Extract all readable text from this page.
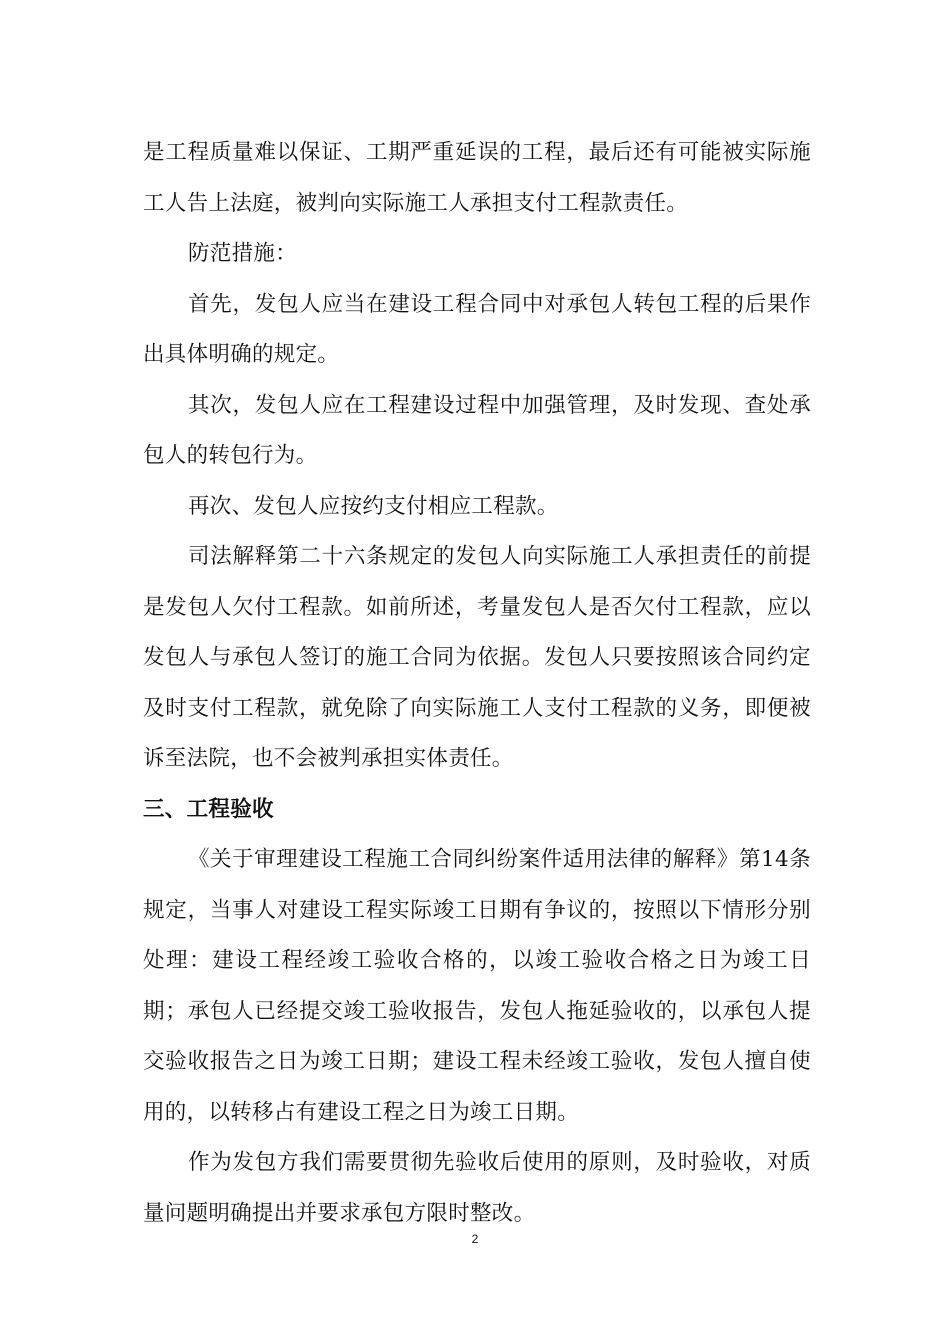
是工程质量难以保证、工期严重延误的工程，最后还有可能被实际施工人告上法庭，被判向实际施工人承担支付工程款责任。

防范措施：

首先，发包人应当在建设工程合同中对承包人转包工程的后果作出具体明确的规定。

其次，发包人应在工程建设过程中加强管理，及时发现、查处承包人的转包行为。

再次、发包人应按约支付相应工程款。

司法解释第二十六条规定的发包人向实际施工人承担责任的前提是发包人欠付工程款。如前所述，考量发包人是否欠付工程款，应以发包人与承包人签订的施工合同为依据。发包人只要按照该合同约定及时支付工程款，就免除了向实际施工人支付工程款的义务，即便被诉至法院，也不会被判承担实体责任。

三、工程验收

《关于审理建设工程施工合同纠纷案件适用法律的解释》第14条规定，当事人对建设工程实际竣工日期有争议的，按照以下情形分别处理：建设工程经竣工验收合格的，以竣工验收合格之日为竣工日期；承包人已经提交竣工验收报告，发包人拖延验收的，以承包人提交验收报告之日为竣工日期；建设工程未经竣工验收，发包人擅自使用的，以转移占有建设工程之日为竣工日期。

作为发包方我们需要贯彻先验收后使用的原则，及时验收，对质量问题明确提出并要求承包方限时整改。

2
